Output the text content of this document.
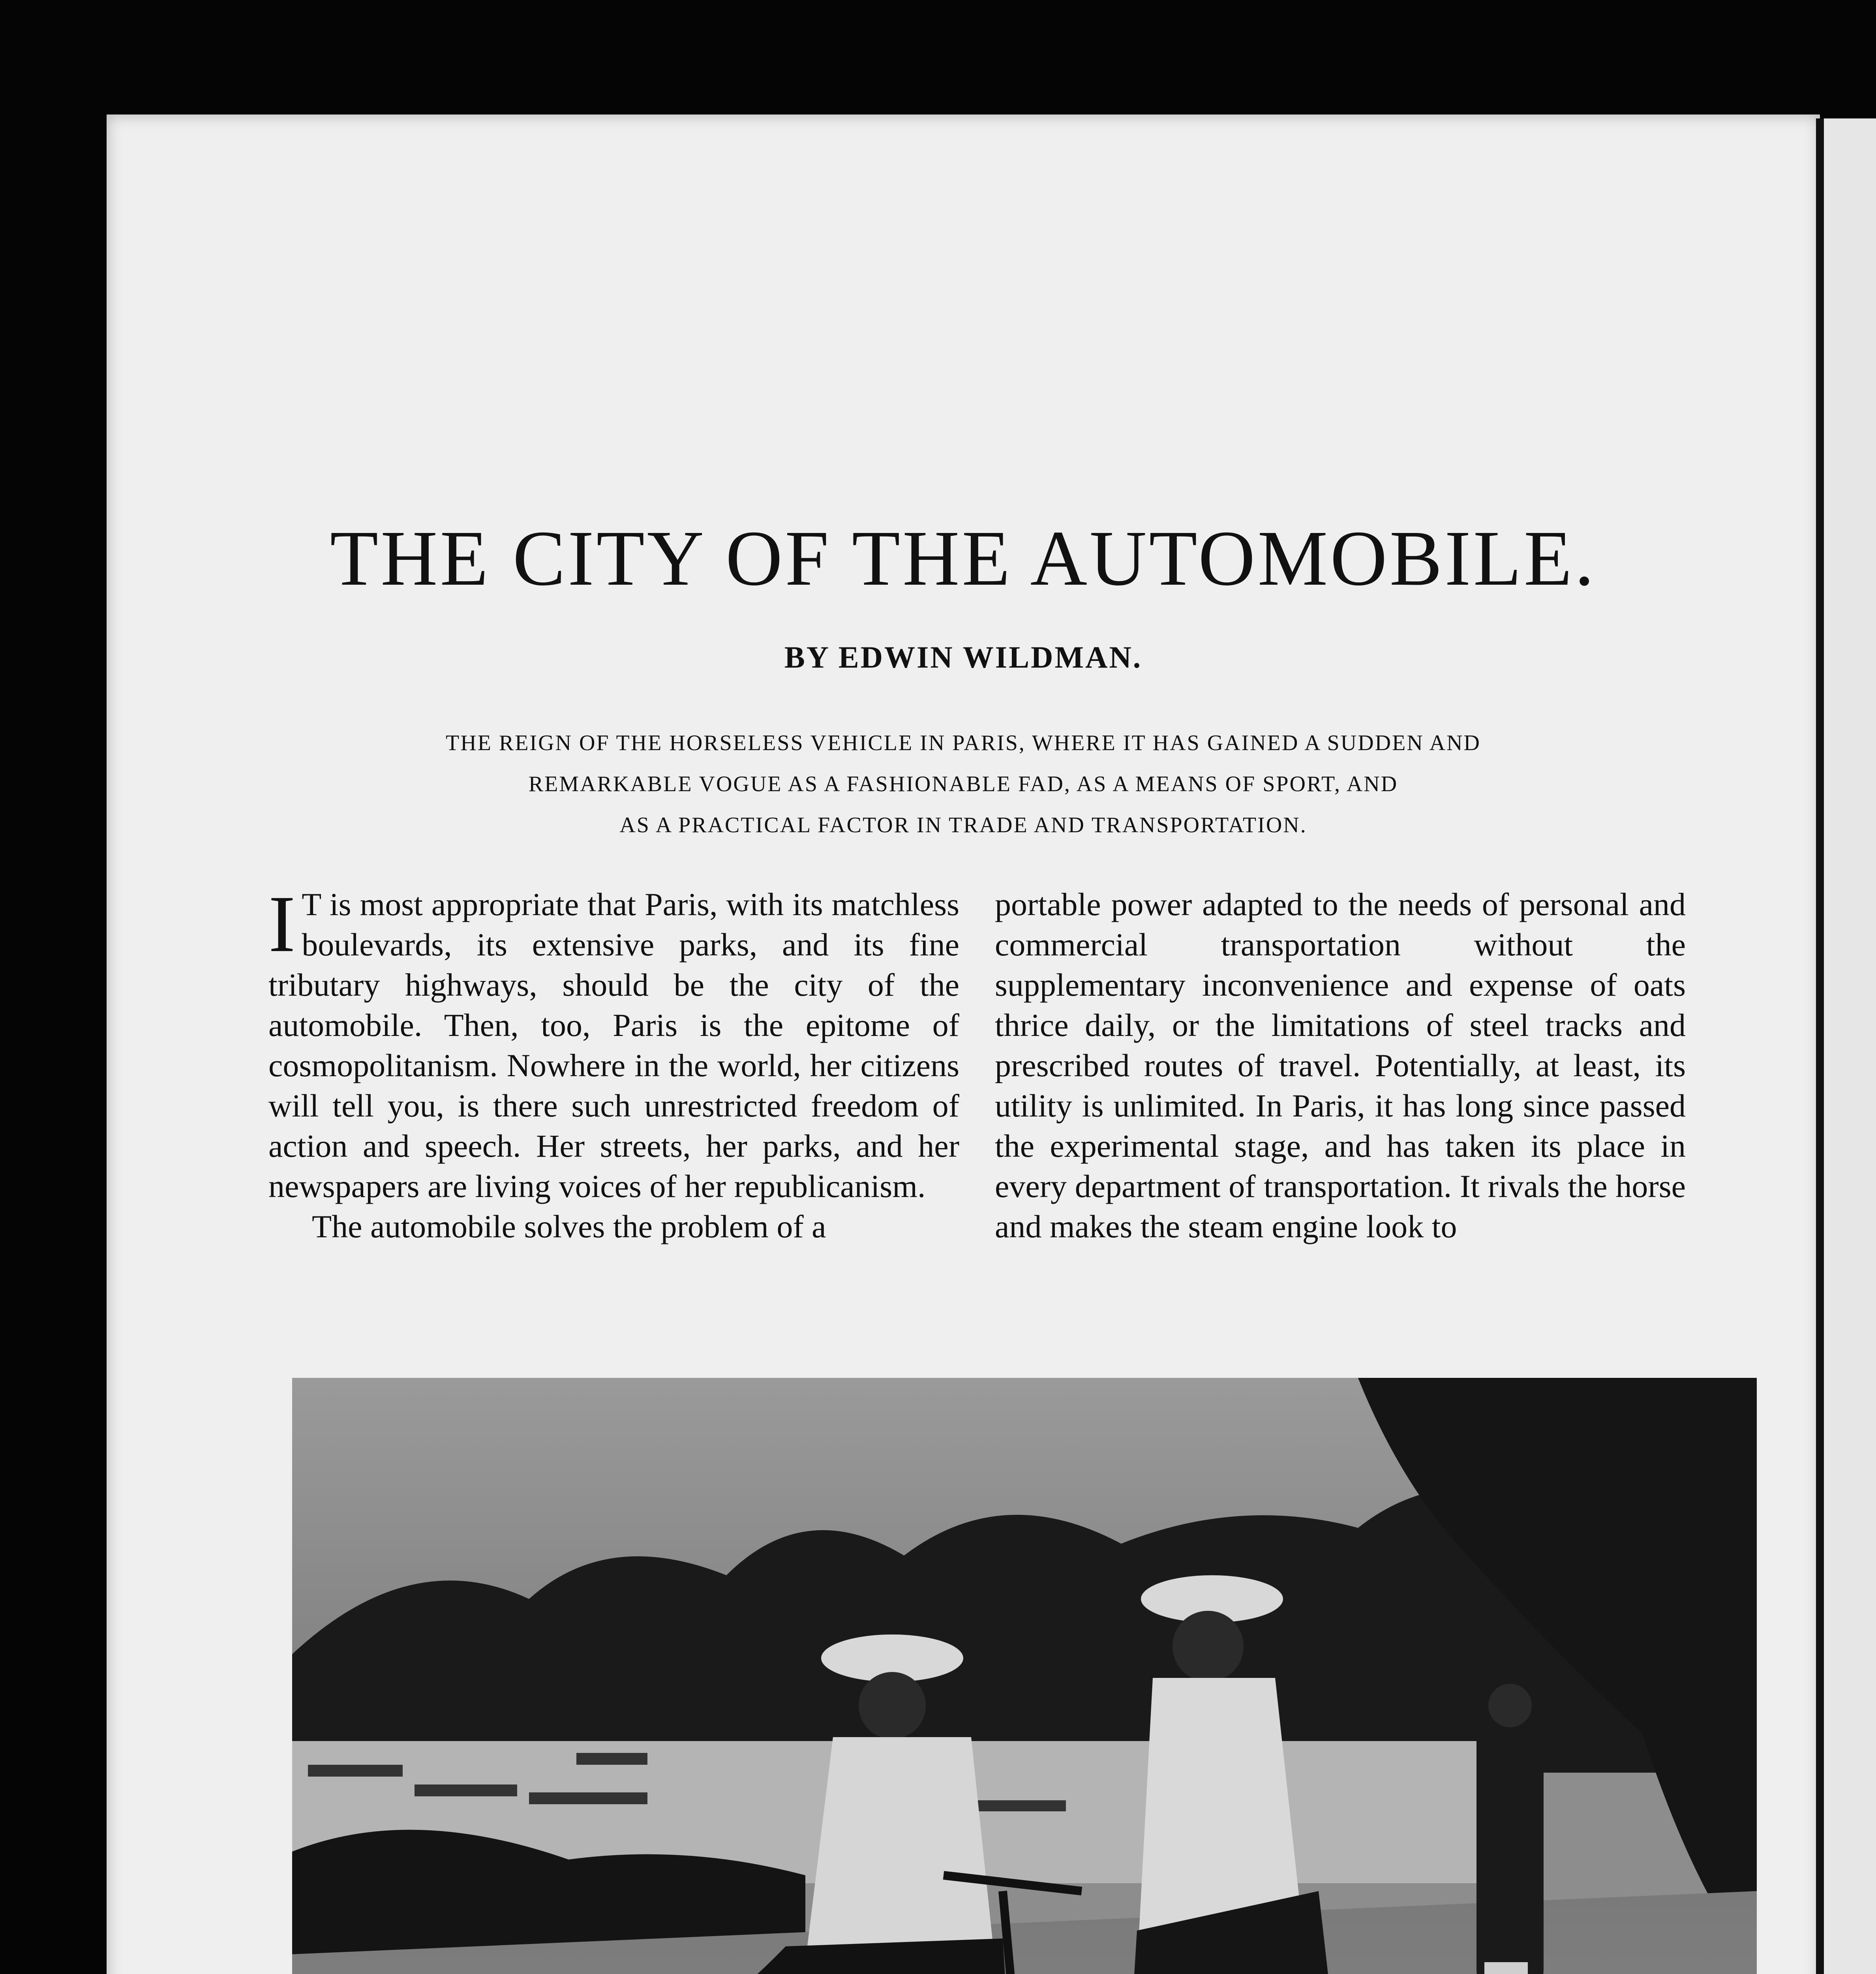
THE CITY OF THE AUTOMOBILE.
BY EDWIN WILDMAN.
THE REIGN OF THE HORSELESS VEHICLE IN PARIS, WHERE IT HAS GAINED A SUDDEN AND
REMARKABLE VOGUE AS A FASHIONABLE FAD, AS A MEANS OF SPORT, AND
AS A PRACTICAL FACTOR IN TRADE AND TRANSPORTATION.

I T is most appropriate that Paris, with its matchless boulevards, its extensive parks, and its fine tributary highways, should be the city of the automobile. Then, too, Paris is the epitome of cosmopolitanism. Nowhere in the world, her citizens will tell you, is there such unrestricted freedom of action and speech. Her streets, her parks, and her newspapers are living voices of her republicanism.

The automobile solves the problem of a

portable power adapted to the needs of personal and commercial transportation without the supplementary inconvenience and expense of oats thrice daily, or the limitations of steel tracks and prescribed routes of travel. Potentially, at least, its utility is unlimited. In Paris, it has long since passed the experimental stage, and has taken its place in every department of transportation. It rivals the horse and makes the steam engine look to
